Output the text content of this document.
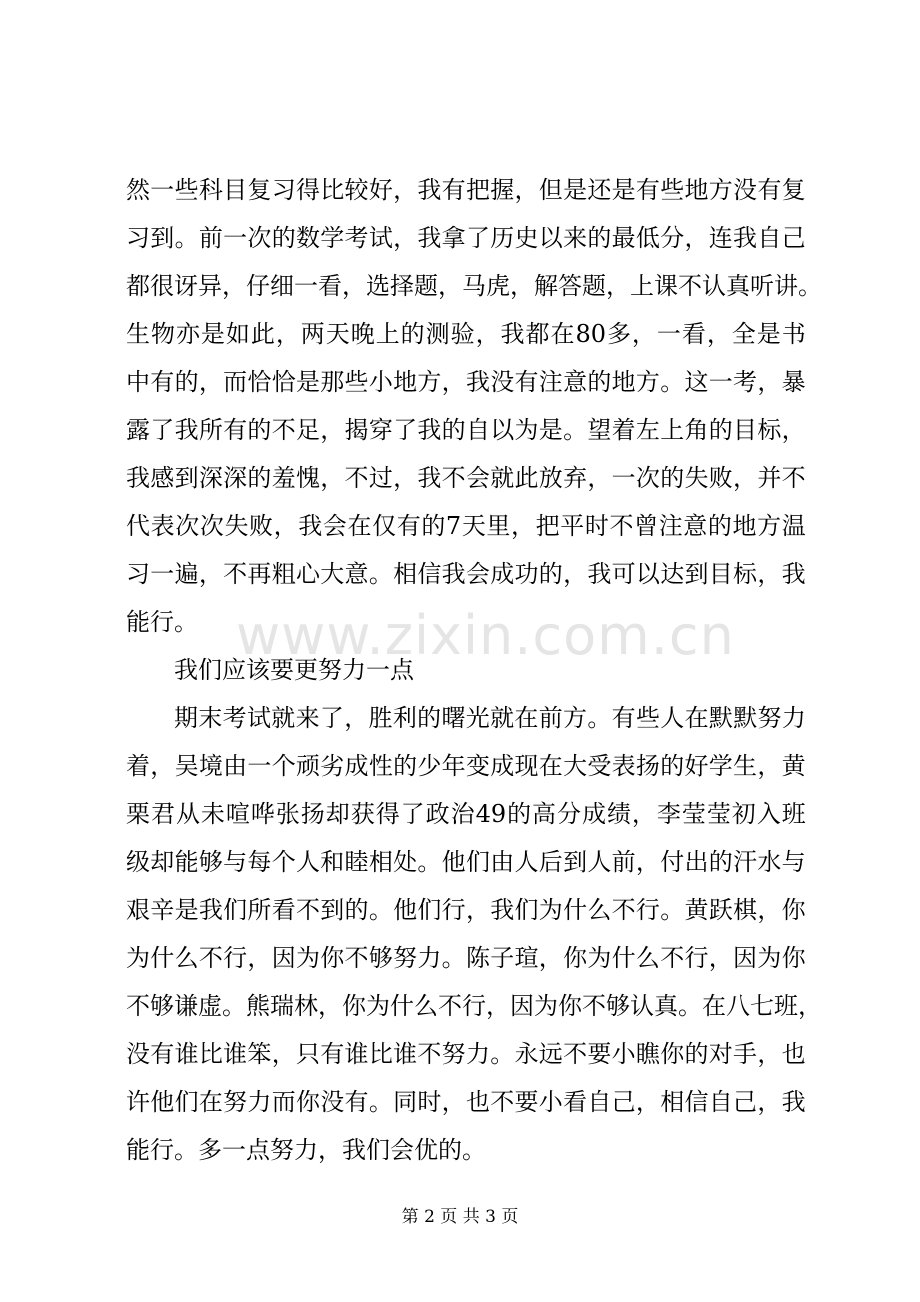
然 一 些 科 目 复 习 得 比 较 好 ， 我 有 把 握 ， 但 是 还 是 有 些 地 方 没 有 复
习 到 。 前 一 次 的 数 学 考 试 ， 我 拿 了 历 史 以 来 的 最 低 分 ， 连 我 自 己
都 很 讶 异 ， 仔 细 一 看 ， 选 择 题 ， 马 虎 ， 解 答 题 ， 上 课 不 认 真 听 讲 。
生 物 亦 是 如 此 ， 两 天 晚 上 的 测 验 ， 我 都 在 80 多 ， 一 看 ， 全 是 书
中 有 的 ， 而 恰 恰 是 那 些 小 地 方 ， 我 没 有 注 意 的 地 方 。 这 一 考 ， 暴
露 了 我 所 有 的 不 足 ， 揭 穿 了 我 的 自 以 为 是 。 望 着 左 上 角 的 目 标 ，
我 感 到 深 深 的 羞 愧 ， 不 过 ， 我 不 会 就 此 放 弃 ， 一 次 的 失 败 ， 并 不
代 表 次 次 失 败 ， 我 会 在 仅 有 的 7 天 里 ， 把 平 时 不 曾 注 意 的 地 方 温
习 一 遍 ， 不 再 粗 心 大 意 。 相 信 我 会 成 功 的 ， 我 可 以 达 到 目 标 ， 我
能行。
我们应该要更努力一点
期 末 考 试 就 来 了 ， 胜 利 的 曙 光 就 在 前 方 。 有 些 人 在 默 默 努 力
着 ， 吴 境 由 一 个 顽 劣 成 性 的 少 年 变 成 现 在 大 受 表 扬 的 好 学 生 ， 黄
栗 君 从 未 喧 哗 张 扬 却 获 得 了 政 治 49 的 高 分 成 绩 ， 李 莹 莹 初 入 班
级 却 能 够 与 每 个 人 和 睦 相 处 。 他 们 由 人 后 到 人 前 ， 付 出 的 汗 水 与
艰 辛 是 我 们 所 看 不 到 的 。 他 们 行 ， 我 们 为 什 么 不 行 。 黄 跃 棋 ， 你
为 什 么 不 行 ， 因 为 你 不 够 努 力 。 陈 子 瑄 ， 你 为 什 么 不 行 ， 因 为 你
不 够 谦 虚 。 熊 瑞 林 ， 你 为 什 么 不 行 ， 因 为 你 不 够 认 真 。 在 八 七 班 ，
没 有 谁 比 谁 笨 ， 只 有 谁 比 谁 不 努 力 。 永 远 不 要 小 瞧 你 的 对 手 ， 也
许 他 们 在 努 力 而 你 没 有 。 同 时 ， 也 不 要 小 看 自 己 ， 相 信 自 己 ， 我
能行。多一点努力，我们会优的。
www.zixin.com.cn
第 2 页 共 3 页
